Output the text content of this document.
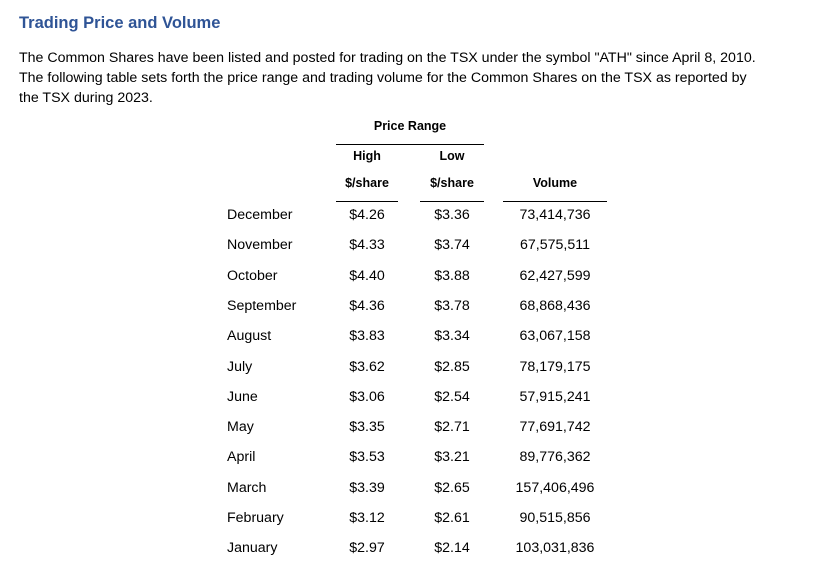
Trading Price and Volume
The Common Shares have been listed and posted for trading on the TSX under the symbol "ATH" since April 8, 2010.
The following table sets forth the price range and trading volume for the Common Shares on the TSX as reported by
the TSX during 2023.
Price Range
High	Low
$/share	$/share	Volume
December	$4.26	$3.36	73,414,736
November	$4.33	$3.74	67,575,511
October	$4.40	$3.88	62,427,599
September	$4.36	$3.78	68,868,436
August	$3.83	$3.34	63,067,158
July	$3.62	$2.85	78,179,175
June	$3.06	$2.54	57,915,241
May	$3.35	$2.71	77,691,742
April	$3.53	$3.21	89,776,362
March	$3.39	$2.65	157,406,496
February	$3.12	$2.61	90,515,856
January	$2.97	$2.14	103,031,836
